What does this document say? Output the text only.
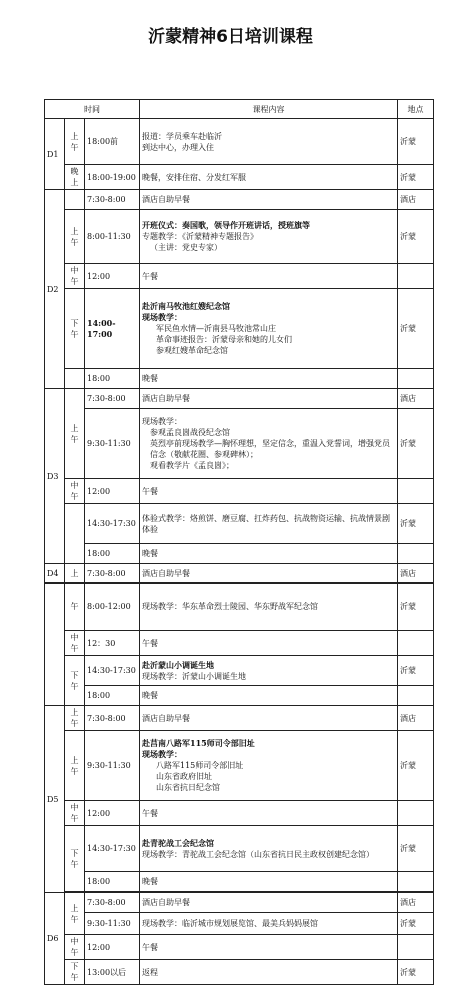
沂蒙精神6日培训课程
时间			课程内容	地点
D1	上午	18:00前	报道：学员乘车赴临沂
到达中心，办理入住	沂蒙
	晚上	18:00-19:00	晚餐，安排住宿、分发红军服	沂蒙
D2		7:30-8:00	酒店自助早餐	酒店
	上午	8:00-11:30	开班仪式：奏国歌，领导作开班讲话，授班旗等
专题教学：《沂蒙精神专题报告》
（主讲：党史专家）	沂蒙
	中午	12:00	午餐	
	下午	14:00-17:00	赴沂南马牧池红嫂纪念馆
现场教学：
军民鱼水情—沂南县马牧池常山庄
革命事迹报告：沂蒙母亲和她的儿女们
参观红嫂革命纪念馆	沂蒙
		18:00	晚餐	
D3	上午	7:30-8:00	酒店自助早餐	酒店
		9:30-11:30	现场教学：
参观孟良崮战役纪念馆
英烈亭前现场教学—胸怀理想，坚定信念，重温入党誓词，增强党员信念（敬献花圈、参观碑林）；
观看教学片《孟良崮》；	沂蒙
	中午	12:00	午餐	
		14:30-17:30	体验式教学：烙煎饼、磨豆腐、扛炸药包、抗战物资运输、抗战情景剧体验	沂蒙
		18:00	晚餐	
D4	上	7:30-8:00	酒店自助早餐	酒店
	午	8:00-12:00	现场教学：华东革命烈士陵园、华东野战军纪念馆	沂蒙
	中午	12：30	午餐	
	下午	14:30-17:30	赴沂蒙山小调诞生地
现场教学：沂蒙山小调诞生地	沂蒙
		18:00	晚餐	
D5	上午	7:30-8:00	酒店自助早餐	酒店
	上午	9:30-11:30	赴莒南八路军115师司令部旧址
现场教学：
八路军115师司令部旧址
山东省政府旧址
山东省抗日纪念馆	沂蒙
	中午	12:00	午餐	
	下午	14:30-17:30	赴青驼战工会纪念馆
现场教学：青驼战工会纪念馆（山东省抗日民主政权创建纪念馆）	沂蒙
		18:00	晚餐	

D6	上午	7:30-8:00	酒店自助早餐	酒店
		9:30-11:30	现场教学：临沂城市规划展览馆、最美兵妈妈展馆	沂蒙
	中午	12:00	午餐	
	下午	13:00以后	返程	沂蒙
